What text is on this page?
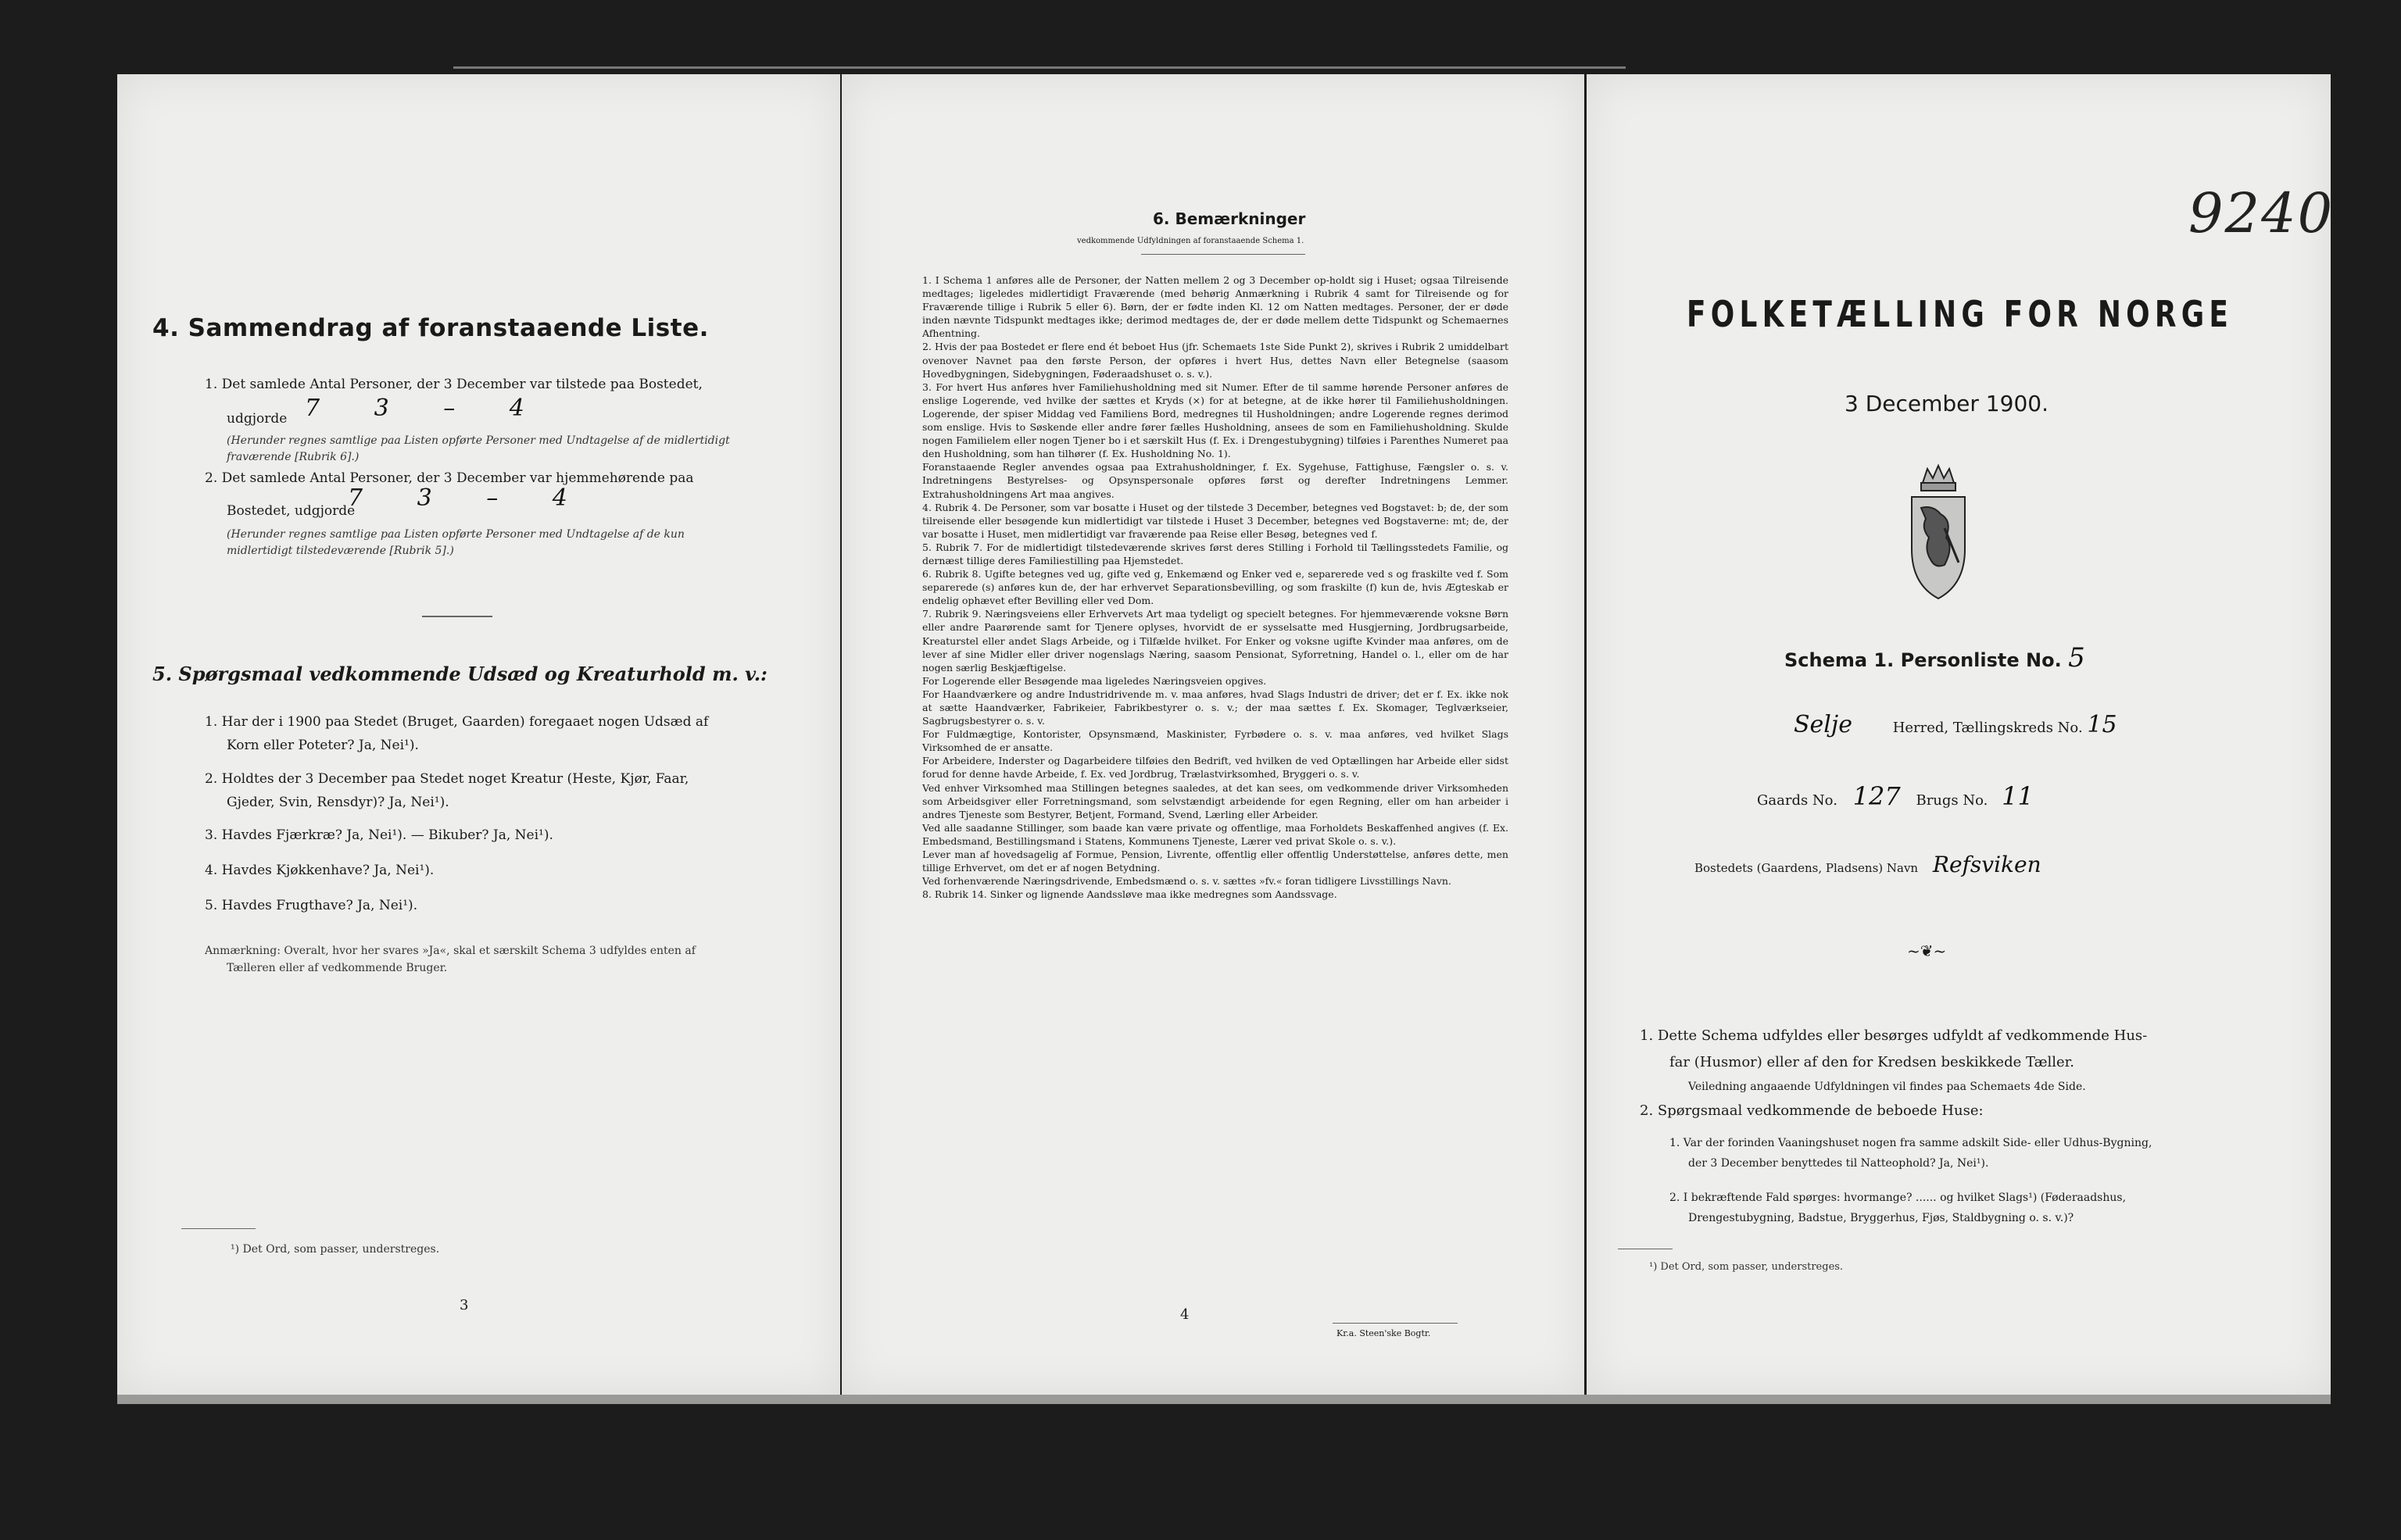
4. Sammendrag af foranstaaende Liste.
1. Det samlede Antal Personer, der 3 December var tilstede paa Bostedet,
udgjorde 7 3 – 4
(Herunder regnes samtlige paa Listen opførte Personer med Undtagelse af de midlertidigt
fraværende [Rubrik 6].)
2. Det samlede Antal Personer, der 3 December var hjemmehørende paa
Bostedet, udgjorde
7 3 – 4
(Herunder regnes samtlige paa Listen opførte Personer med Undtagelse af de kun
midlertidigt tilstedeværende [Rubrik 5].)
5. Spørgsmaal vedkommende Udsæd og Kreaturhold m. v.:
1. Har der i 1900 paa Stedet (Bruget, Gaarden) foregaaet nogen Udsæd af
Korn eller Poteter? Ja, Nei¹).
2. Holdtes der 3 December paa Stedet noget Kreatur (Heste, Kjør, Faar,
Gjeder, Svin, Rensdyr)? Ja, Nei¹).
3. Havdes Fjærkræ? Ja, Nei¹). — Bikuber? Ja, Nei¹).
4. Havdes Kjøkkenhave? Ja, Nei¹).
5. Havdes Frugthave? Ja, Nei¹).
Anmærkning: Overalt, hvor her svares »Ja«, skal et særskilt Schema 3 udfyldes enten af
Tælleren eller af vedkommende Bruger.
¹) Det Ord, som passer, understreges.
3
6. Bemærkninger
vedkommende Udfyldningen af foranstaaende Schema 1.
1. I Schema 1 anføres alle de Personer, der Natten mellem 2 og 3 December op-holdt sig i Huset; ogsaa Tilreisende medtages; ligeledes midlertidigt Fraværende (med behørig Anmærkning i Rubrik 4 samt for Tilreisende og for Fraværende tillige i Rubrik 5 eller 6). Børn, der er fødte inden Kl. 12 om Natten medtages. Personer, der er døde inden nævnte Tidspunkt medtages ikke; derimod medtages de, der er døde mellem dette Tidspunkt og Schemaernes Afhentning.
2. Hvis der paa Bostedet er flere end ét beboet Hus (jfr. Schemaets 1ste Side Punkt 2), skrives i Rubrik 2 umiddelbart ovenover Navnet paa den første Person, der opføres i hvert Hus, dettes Navn eller Betegnelse (saasom Hovedbygningen, Sidebygningen, Føderaadshuset o. s. v.).
3. For hvert Hus anføres hver Familiehusholdning med sit Numer. Efter de til samme hørende Personer anføres de enslige Logerende, ved hvilke der sættes et Kryds (×) for at betegne, at de ikke hører til Familiehusholdningen. Logerende, der spiser Middag ved Familiens Bord, medregnes til Husholdningen; andre Logerende regnes derimod som enslige. Hvis to Søskende eller andre fører fælles Husholdning, ansees de som en Familiehusholdning. Skulde nogen Familielem eller nogen Tjener bo i et særskilt Hus (f. Ex. i Drengestubygning) tilføies i Parenthes Numeret paa den Husholdning, som han tilhører (f. Ex. Husholdning No. 1).
Foranstaaende Regler anvendes ogsaa paa Extrahusholdninger, f. Ex. Sygehuse, Fattighuse, Fængsler o. s. v. Indretningens Bestyrelses- og Opsynspersonale opføres først og derefter Indretningens Lemmer. Extrahusholdningens Art maa angives.
4. Rubrik 4. De Personer, som var bosatte i Huset og der tilstede 3 December, betegnes ved Bogstavet: b; de, der som tilreisende eller besøgende kun midlertidigt var tilstede i Huset 3 December, betegnes ved Bogstaverne: mt; de, der var bosatte i Huset, men midlertidigt var fraværende paa Reise eller Besøg, betegnes ved f.
5. Rubrik 7. For de midlertidigt tilstedeværende skrives først deres Stilling i Forhold til Tællingsstedets Familie, og dernæst tillige deres Familiestilling paa Hjemstedet.
6. Rubrik 8. Ugifte betegnes ved ug, gifte ved g, Enkemænd og Enker ved e, separerede ved s og fraskilte ved f. Som separerede (s) anføres kun de, der har erhvervet Separationsbevilling, og som fraskilte (f) kun de, hvis Ægteskab er endelig ophævet efter Bevilling eller ved Dom.
7. Rubrik 9. Næringsveiens eller Erhvervets Art maa tydeligt og specielt betegnes. For hjemmeværende voksne Børn eller andre Paarørende samt for Tjenere oplyses, hvorvidt de er sysselsatte med Husgjerning, Jordbrugsarbeide, Kreaturstel eller andet Slags Arbeide, og i Tilfælde hvilket. For Enker og voksne ugifte Kvinder maa anføres, om de lever af sine Midler eller driver nogenslags Næring, saasom Pensionat, Syforretning, Handel o. l., eller om de har nogen særlig Beskjæftigelse.
For Logerende eller Besøgende maa ligeledes Næringsveien opgives.
For Haandværkere og andre Industridrivende m. v. maa anføres, hvad Slags Industri de driver; det er f. Ex. ikke nok at sætte Haandværker, Fabrikeier, Fabrikbestyrer o. s. v.; der maa sættes f. Ex. Skomager, Teglværkseier, Sagbrugsbestyrer o. s. v.
For Fuldmægtige, Kontorister, Opsynsmænd, Maskinister, Fyrbødere o. s. v. maa anføres, ved hvilket Slags Virksomhed de er ansatte.
For Arbeidere, Inderster og Dagarbeidere tilføies den Bedrift, ved hvilken de ved Optællingen har Arbeide eller sidst forud for denne havde Arbeide, f. Ex. ved Jordbrug, Trælastvirksomhed, Bryggeri o. s. v.
Ved enhver Virksomhed maa Stillingen betegnes saaledes, at det kan sees, om vedkommende driver Virksomheden som Arbeidsgiver eller Forretningsmand, som selvstændigt arbeidende for egen Regning, eller om han arbeider i andres Tjeneste som Bestyrer, Betjent, Formand, Svend, Lærling eller Arbeider.
Ved alle saadanne Stillinger, som baade kan være private og offentlige, maa Forholdets Beskaffenhed angives (f. Ex. Embedsmand, Bestillingsmand i Statens, Kommunens Tjeneste, Lærer ved privat Skole o. s. v.).
Lever man af hovedsagelig af Formue, Pension, Livrente, offentlig eller offentlig Understøttelse, anføres dette, men tillige Erhvervet, om det er af nogen Betydning.
Ved forhenværende Næringsdrivende, Embedsmænd o. s. v. sættes »fv.« foran tidligere Livsstillings Navn.
8. Rubrik 14. Sinker og lignende Aandssløve maa ikke medregnes som Aandssvage.
4
Kr.a. Steen'ske Bogtr.
9240
FOLKETÆLLING FOR NORGE
3 December 1900.
Schema 1. Personliste No. 5
Selje	Herred, Tællingskreds No. 15
Gaards No. 127 Brugs No. 11
Bostedets (Gaardens, Pladsens) Navn Refsviken
~❦~
1. Dette Schema udfyldes eller besørges udfyldt af vedkommende Hus-
far (Husmor) eller af den for Kredsen beskikkede Tæller.
Veiledning angaaende Udfyldningen vil findes paa Schemaets 4de Side.
2. Spørgsmaal vedkommende de beboede Huse:
1. Var der forinden Vaaningshuset nogen fra samme adskilt Side- eller Udhus-Bygning,
der 3 December benyttedes til Natteophold? Ja, Nei¹).
2. I bekræftende Fald spørges: hvormange? ...... og hvilket Slags¹) (Føderaadshus,
Drengestubygning, Badstue, Bryggerhus, Fjøs, Staldbygning o. s. v.)?
¹) Det Ord, som passer, understreges.
